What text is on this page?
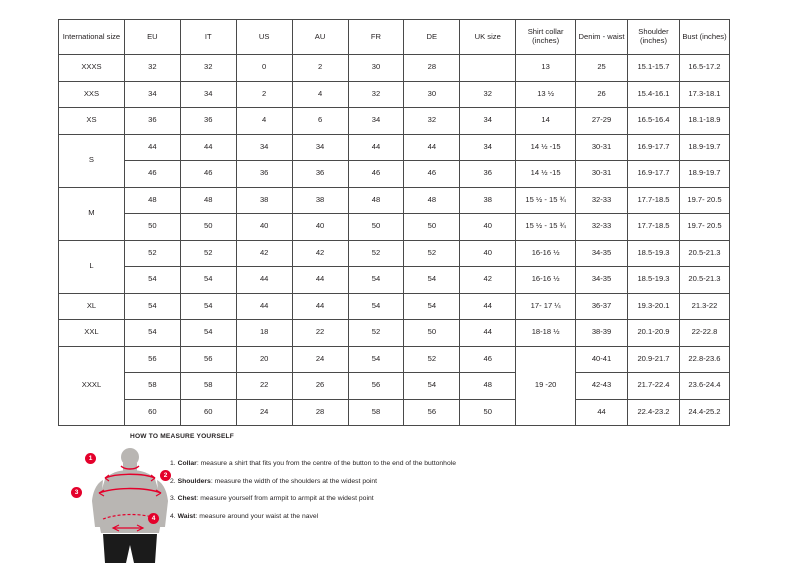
International size	EU	IT	US	AU	FR	DE	UK size	Shirt collar (inches)	Denim - waist	Shoulder (inches)	Bust (inches)

XXXS	32	32	0	2	30	28		13	25	15.1-15.7	16.5-17.2
XXS	34	34	2	4	32	30	32	13 ½	26	15.4-16.1	17.3-18.1
XS	36	36	4	6	34	32	34	14	27-29	16.5-16.4	18.1-18.9
S	44	44	34	34	44	44	34	14 ½ -15	30-31	16.9-17.7	18.9-19.7
	46	46	36	36	46	46	36	14 ½ -15	30-31	16.9-17.7	18.9-19.7
M	48	48	38	38	48	48	38	15 ½ - 15 ¾	32-33	17.7-18.5	19.7- 20.5
	50	50	40	40	50	50	40	15 ½ - 15 ¾	32-33	17.7-18.5	19.7- 20.5
L	52	52	42	42	52	52	40	16-16 ½	34-35	18.5-19.3	20.5-21.3
	54	54	44	44	54	54	42	16-16 ½	34-35	18.5-19.3	20.5-21.3
XL	54	54	44	44	54	54	44	17- 17 ¼	36-37	19.3-20.1	21.3-22
XXL	54	54	18	22	52	50	44	18-18 ½	38-39	20.1-20.9	22-22.8
XXXL	56	56	20	24	54	52	46	19 -20	40-41	20.9-21.7	22.8-23.6
	58	58	22	26	56	54	48		42-43	21.7-22.4	23.6-24.4
	60	60	24	28	58	56	50		44	22.4-23.2	24.4-25.2
HOW TO MEASURE YOURSELF
1
2
3
4
1. Collar: measure a shirt that fits you from the centre of the button to the end of the buttonhole
2. Shoulders: measure the width of the shoulders at the widest point
3. Chest: measure yourself from armpit to armpit at the widest point
4. Waist: measure around your waist at the navel
